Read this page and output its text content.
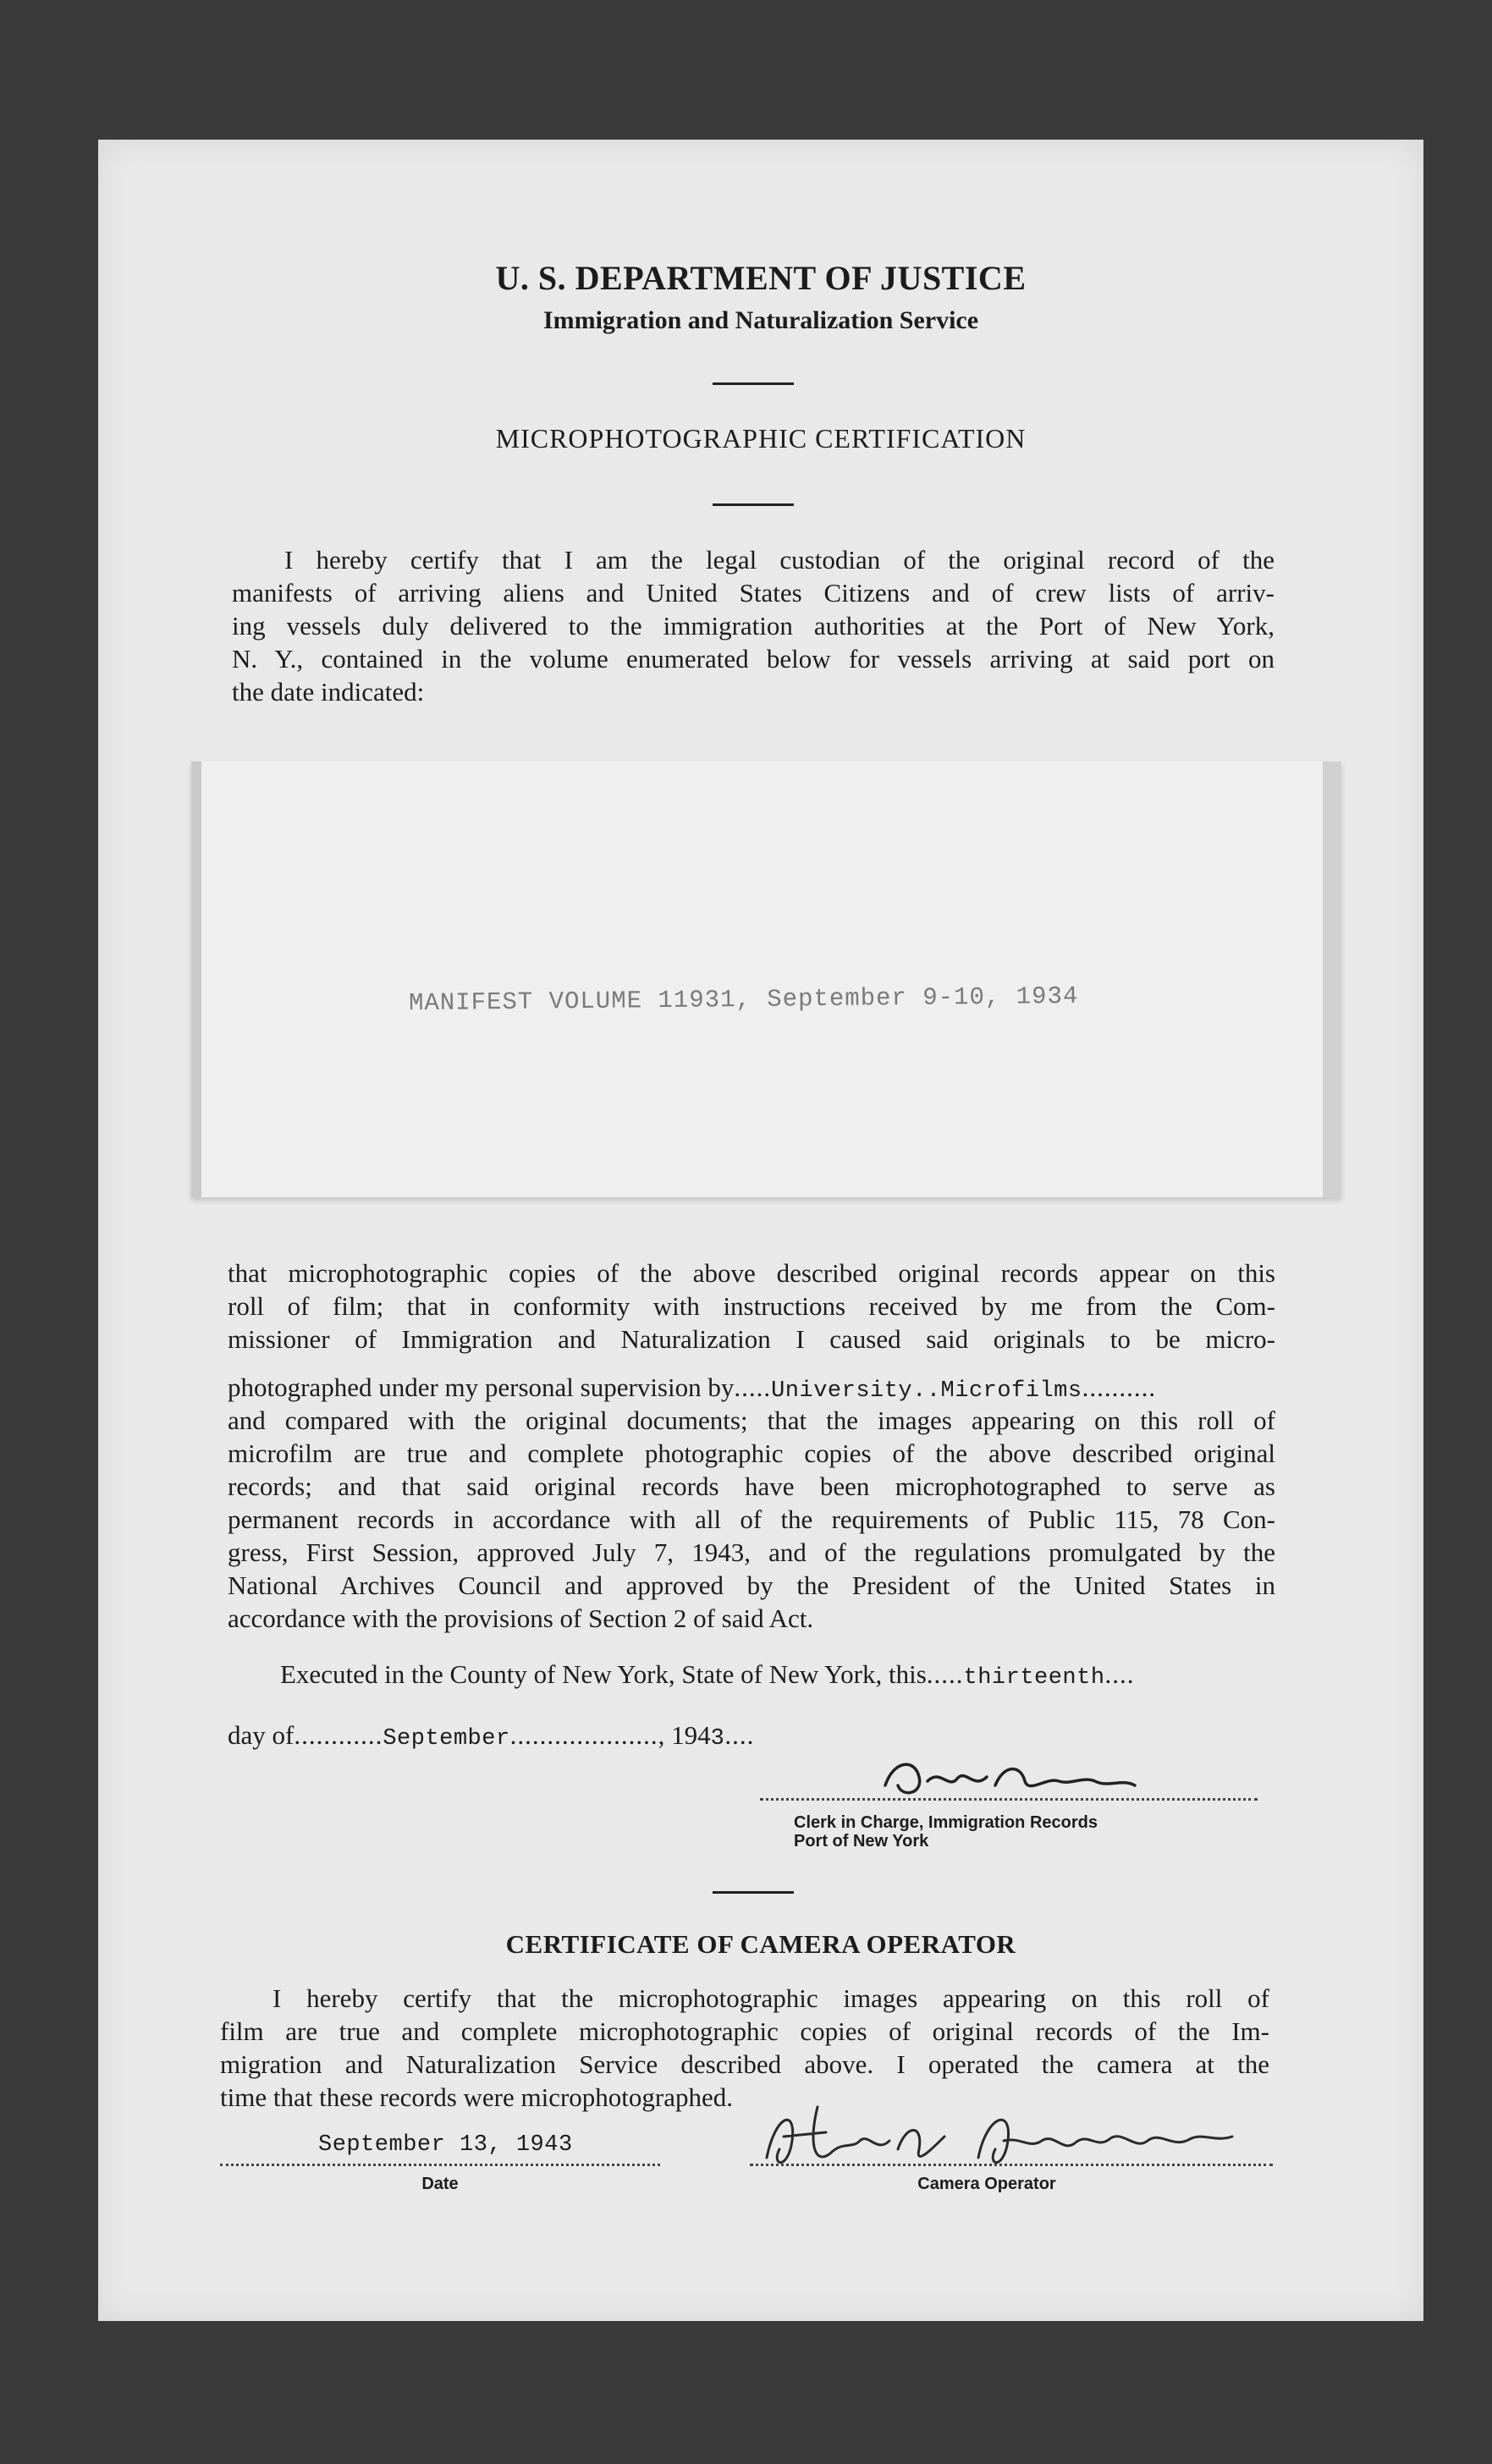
U. S. DEPARTMENT OF JUSTICE
Immigration and Naturalization Service
MICROPHOTOGRAPHIC CERTIFICATION
I hereby certify that I am the legal custodian of the original record of the
manifests of arriving aliens and United States Citizens and of crew lists of arriv-
ing vessels duly delivered to the immigration authorities at the Port of New York,
N. Y., contained in the volume enumerated below for vessels arriving at said port on
the date indicated:
MANIFEST VOLUME 11931, September 9-10, 1934
that microphotographic copies of the above described original records appear on this
roll of film; that in conformity with instructions received by me from the Com-
missioner of Immigration and Naturalization I caused said originals to be micro-
photographed under my personal supervision by.....University..Microfilms..........
and compared with the original documents; that the images appearing on this roll of
microfilm are true and complete photographic copies of the above described original
records; and that said original records have been microphotographed to serve as
permanent records in accordance with all of the requirements of Public 115, 78 Con-
gress, First Session, approved July 7, 1943, and of the regulations promulgated by the
National Archives Council and approved by the President of the United States in
accordance with the provisions of Section 2 of said Act.
Executed in the County of New York, State of New York, this.....thirteenth....
day of............September...................., 1943....
Clerk in Charge, Immigration Records
Port of New York
CERTIFICATE OF CAMERA OPERATOR
I hereby certify that the microphotographic images appearing on this roll of
film are true and complete microphotographic copies of original records of the Im-
migration and Naturalization Service described above. I operated the camera at the
time that these records were microphotographed.
September 13, 1943
Date	Camera Operator
